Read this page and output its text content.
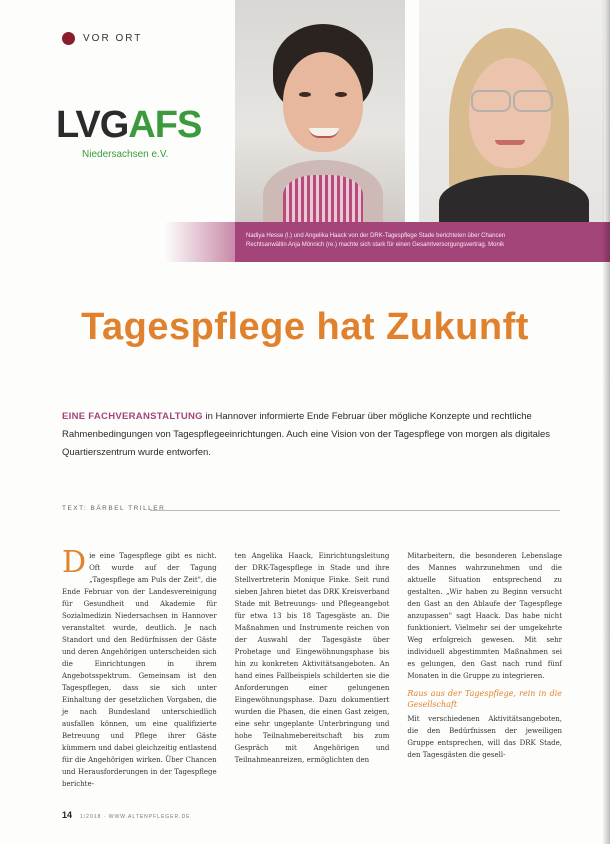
VOR ORT
LVGAFS
Niedersachsen e.V.
Nadiya Hesse (l.) und Angelika Haack von der DRK-Tagespflege Stade berichteten über Chancen
Rechtsanwältin Anja Mönnich (re.) machte sich stark für einen Gesamtversorgungsvertrag. Monik
Tagespflege hat Zukunft

EINE FACHVERANSTALTUNG in Hannover informierte Ende Februar über mögliche Konzepte und rechtliche Rahmenbedingungen von Tagespflegeeinrichtungen. Auch eine Vision von der Tagespflege von morgen als digitales Quartierszentrum wurde entworfen.

TEXT: BÄRBEL TRILLER
Die eine Tagespflege gibt es nicht. Oft wurde auf der Tagung „Tagespflege am Puls der Zeit", die Ende Februar von der Landesvereinigung für Gesundheit und Akademie für Sozialmedizin Niedersachsen in Hannover veranstaltet wurde, deutlich. Je nach Standort und den Bedürfnissen der Gäste und deren Angehörigen unterscheiden sich die Einrichtungen in ihrem Angebotsspektrum. Gemeinsam ist den Tagespflegen, dass sie sich unter Einhaltung der gesetzlichen Vorgaben, die je nach Bundesland unterschiedlich ausfallen können, um eine qualifizierte Betreuung und Pflege ihrer Gäste kümmern und dabei gleichzeitig entlastend für die Angehörigen wirken. Über Chancen und Herausforderungen in der Tagespflege berichte-
ten Angelika Haack, Einrichtungsleitung der DRK-Tagespflege in Stade und ihre Stellvertreterin Monique Finke. Seit rund sieben Jahren bietet das DRK Kreisverband Stade mit Betreuungs- und Pflegeangebot für etwa 13 bis 18 Tagesgäste an. Die Maßnahmen und Instrumente reichen von der Auswahl der Tagesgäste über Probetage und Eingewöhnungsphase bis hin zu konkreten Aktivitätsangeboten. An hand eines Fallbeispiels schilderten sie die Anforderungen einer gelungenen Eingewöhnungsphase. Dazu dokumentiert wurden die Phasen, die einen Gast zeigen, eine sehr ungeplante Unterbringung und hohe Teilnahmebereitschaft bis zum Gespräch mit Angehörigen und Teilnahmeanreizen, ermöglichten den
Mitarbeitern, die besonderen Lebenslage des Mannes wahrzunehmen und die aktuelle Situation entsprechend zu gestalten. „Wir haben zu Beginn versucht den Gast an den Ablaufe der Tagespflege anzupassen" sagt Haack. Das habe nicht funktioniert. Vielmehr sei der umgekehrte Weg erfolgreich gewesen. Mit sehr individuell abgestimmten Maßnahmen sei es gelungen, den Gast nach rund fünf Monaten in die Gruppe zu integrieren.
Raus aus der Tagespflege, rein in die Gesellschaft
Mit verschiedenen Aktivitätsangeboten, die den Bedürfnissen der jeweiligen Gruppe entsprechen, will das DRK Stade, den Tagesgästen die gesell-
14 1/2018 · WWW.ALTENPFLEGER.DE
